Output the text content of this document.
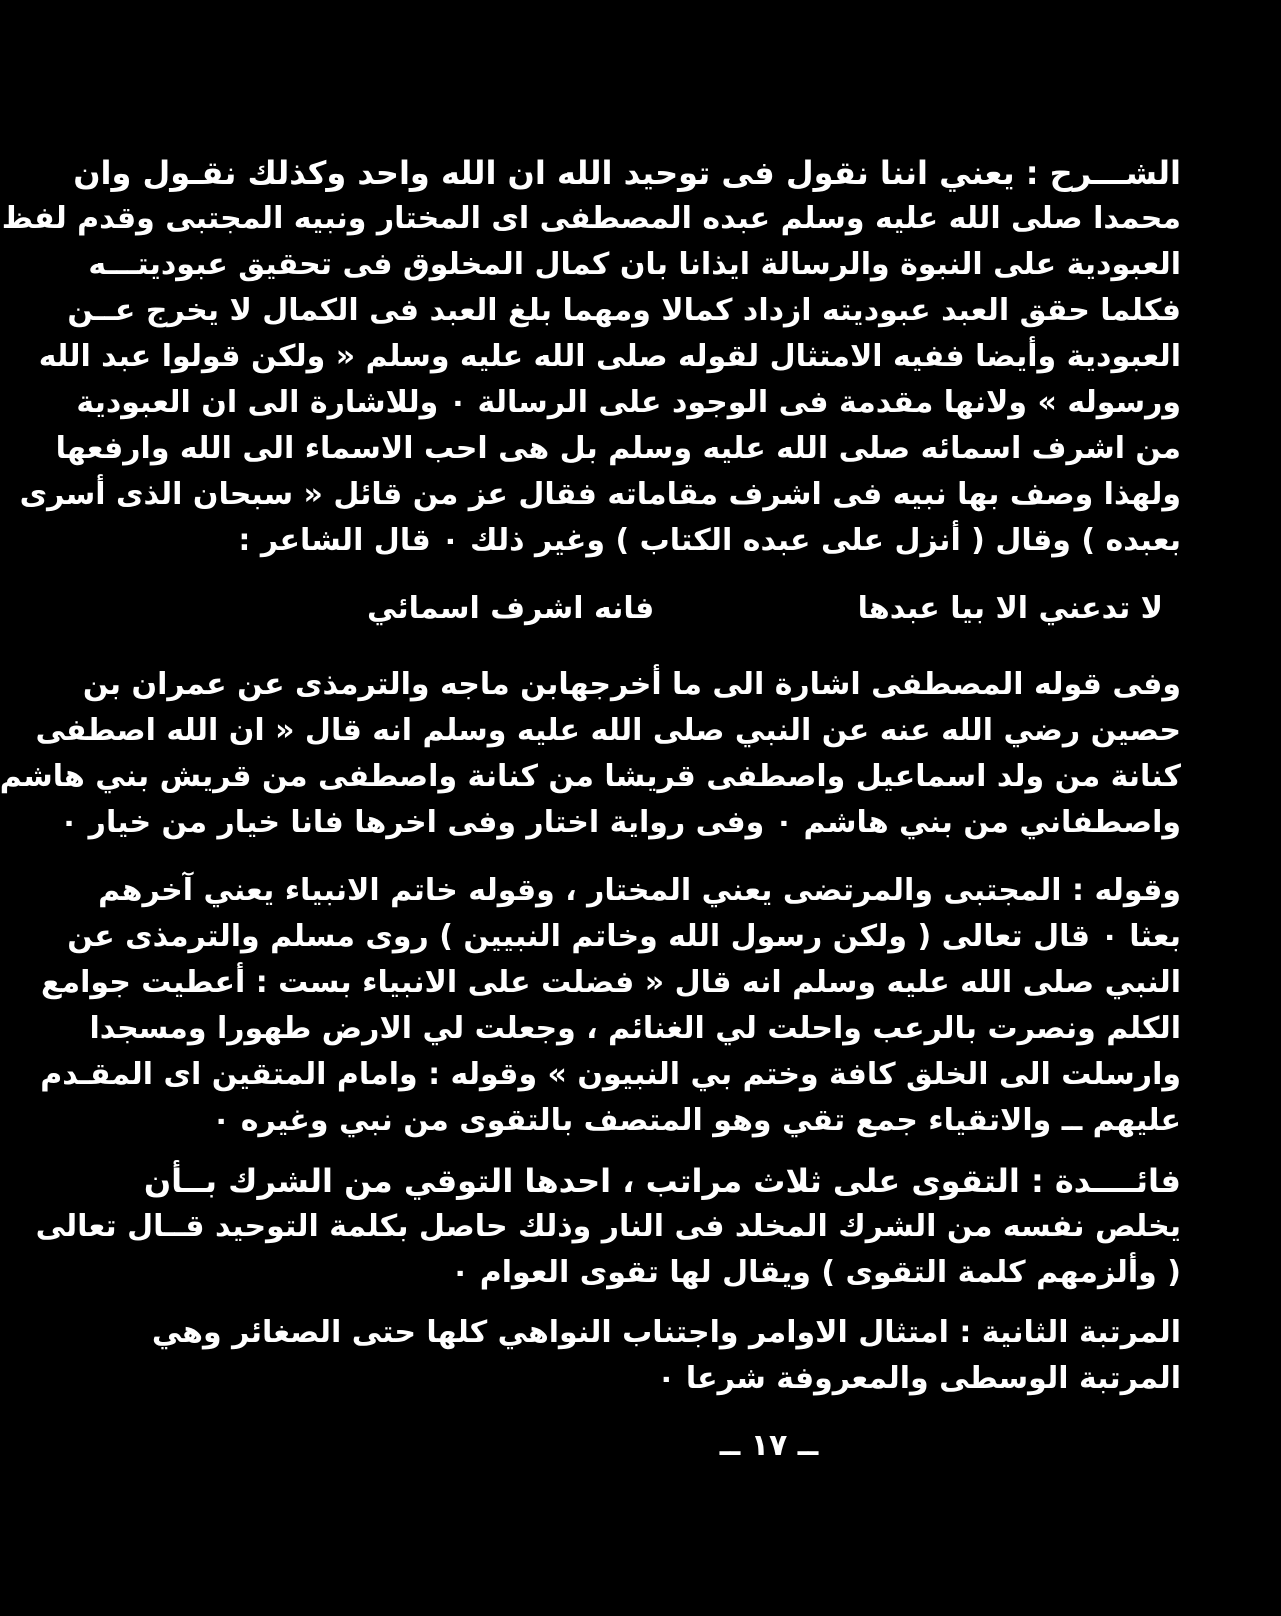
الشـــرح : يعني اننا نقول فى توحيد الله ان الله واحد وكذلك نقـول وان
محمدا صلى الله عليه وسلم عبده المصطفى اى المختار ونبيه المجتبى وقدم لفظ
العبودية على النبوة والرسالة ايذانا بان كمال المخلوق فى تحقيق عبوديتـــه
فكلما حقق العبد عبوديته ازداد كمالا ومهما بلغ العبد فى الكمال لا يخرج عــن
العبودية وأيضا ففيه الامتثال لقوله صلى الله عليه وسلم « ولكن قولوا عبد الله
ورسوله » ولانها مقدمة فى الوجود على الرسالة ٠ وللاشارة الى ان العبودية
من اشرف اسمائه صلى الله عليه وسلم بل هى احب الاسماء الى الله وارفعها
ولهذا وصف بها نبيه فى اشرف مقاماته فقال عز من قائل « سبحان الذى أسرى
بعبده ) وقال ( أنزل على عبده الكتاب ) وغير ذلك ٠ قال الشاعر :
لا تدعني الا بيا عبدها
فانه اشرف اسمائي
وفى قوله المصطفى اشارة الى ما أخرجهابن ماجه والترمذى عن عمران بن
حصين رضي الله عنه عن النبي صلى الله عليه وسلم انه قال « ان الله اصطفى
كنانة من ولد اسماعيل واصطفى قريشا من كنانة واصطفى من قريش بني هاشم
واصطفاني من بني هاشم ٠ وفى رواية اختار وفى اخرها فانا خيار من خيار ٠
وقوله : المجتبى والمرتضى يعني المختار ، وقوله خاتم الانبياء يعني آخرهم
بعثا ٠ قال تعالى ( ولكن رسول الله وخاتم النبيين ) روى مسلم والترمذى عن
النبي صلى الله عليه وسلم انه قال « فضلت على الانبياء بست : أعطيت جوامع
الكلم ونصرت بالرعب واحلت لي الغنائم ، وجعلت لي الارض طهورا ومسجدا
وارسلت الى الخلق كافة وختم بي النبيون » وقوله : وامام المتقين اى المقـدم
عليهم ــ والاتقياء جمع تقي وهو المتصف بالتقوى من نبي وغيره ٠
فائــــدة : التقوى على ثلاث مراتب ، احدها التوقي من الشرك بــأن
يخلص نفسه من الشرك المخلد فى النار وذلك حاصل بكلمة التوحيد قــال تعالى
( وألزمهم كلمة التقوى ) ويقال لها تقوى العوام ٠
المرتبة الثانية : امتثال الاوامر واجتناب النواهي كلها حتى الصغائر وهي
المرتبة الوسطى والمعروفة شرعا ٠
ــ ١٧ ــ
